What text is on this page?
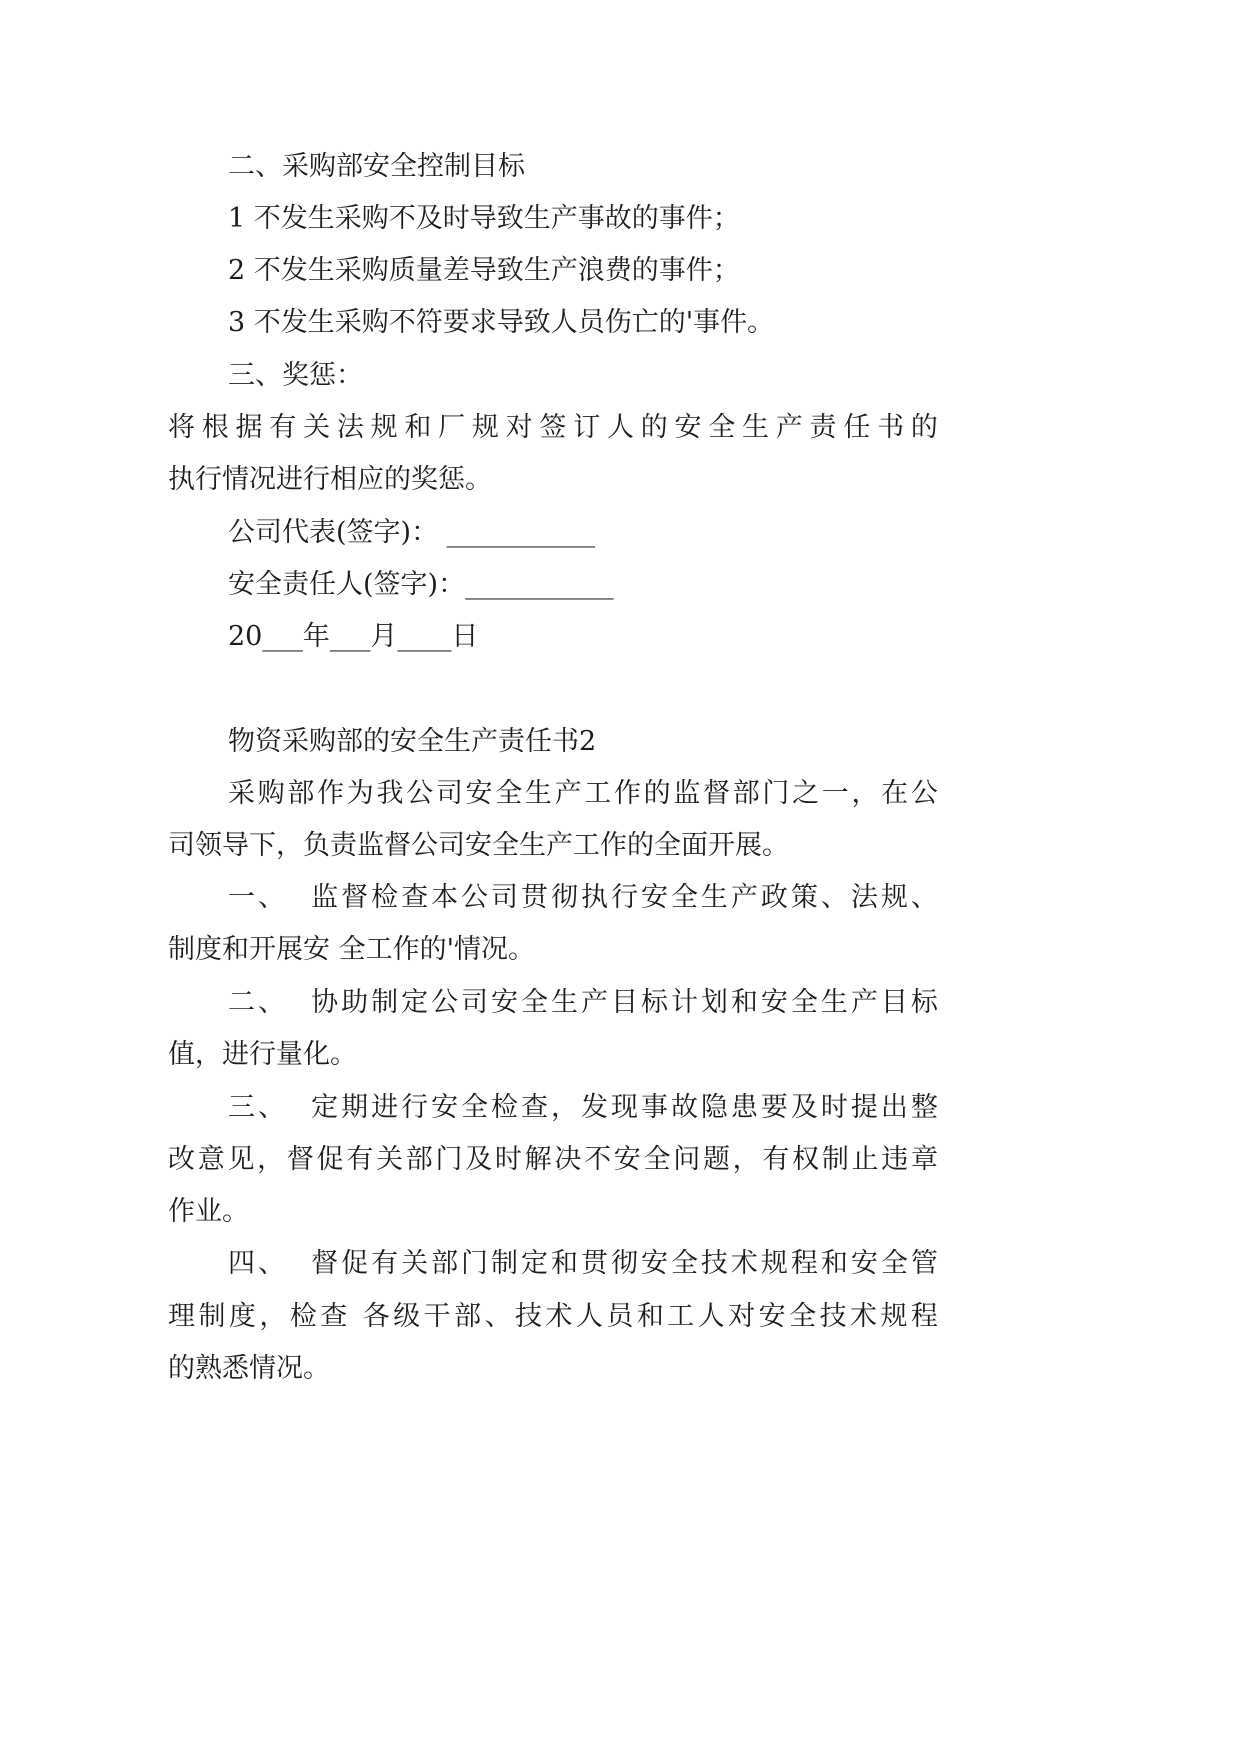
二、采购部安全控制目标
1 不发生采购不及时导致生产事故的事件；
2 不发生采购质量差导致生产浪费的事件；
3 不发生采购不符要求导致人员伤亡的'事件。
三、奖惩：
将 根 据 有 关 法 规 和 厂 规 对 签 订 人 的 安 全 生 产 责 任 书 的
执行情况进行相应的奖惩。
公司代表(签字)： ___________
安全责任人(签字)：___________
20___年___月____日
物资采购部的安全生产责任书2
采 购 部 作 为 我 公 司 安 全 生 产 工 作 的 监 督 部 门 之 一 ， 在 公
司领导下，负责监督公司安全生产工作的全面开展。
一 、

监 督 检 查 本 公 司 贯 彻 执 行 安 全 生 产 政 策 、 法 规 、
制度和开展安 全工作的'情况。
二 、

协 助 制 定 公 司 安 全 生 产 目 标 计 划 和 安 全 生 产 目 标
值，进行量化。
三 、

定 期 进 行 安 全 检 查 ， 发 现 事 故 隐 患 要 及 时 提 出 整
改 意 见 ， 督 促 有 关 部 门 及 时 解 决 不 安 全 问 题 ， 有 权 制 止 违 章
作业。
四 、

督 促 有 关 部 门 制 定 和 贯 彻 安 全 技 术 规 程 和 安 全 管
理 制 度 ， 检 查
各 级 干 部 、 技 术 人 员 和 工 人 对 安 全 技 术 规 程
的熟悉情况。
